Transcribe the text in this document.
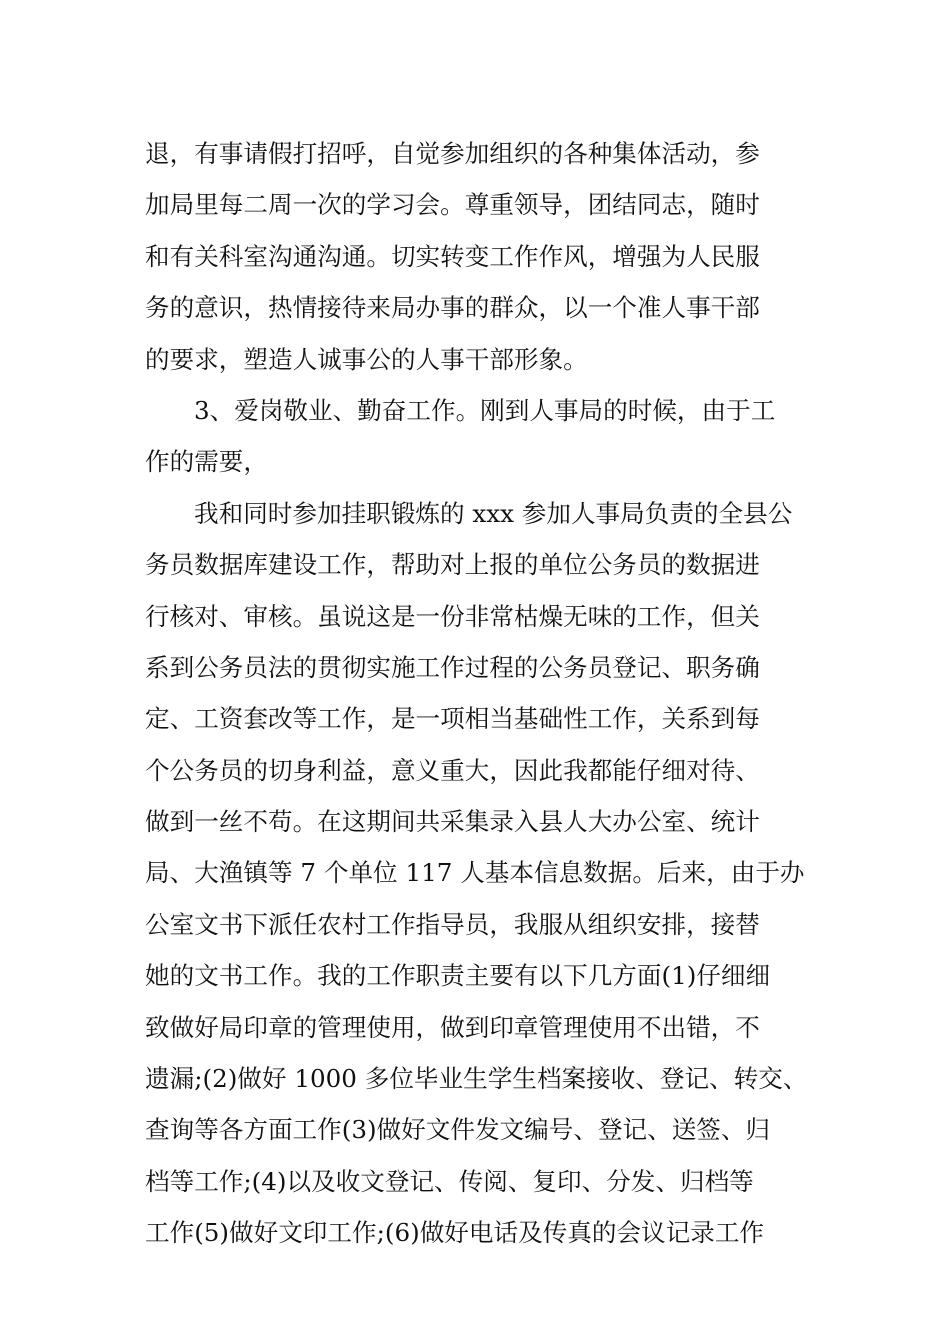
退，有事请假打招呼，自觉参加组织的各种集体活动，参
加局里每二周一次的学习会。尊重领导，团结同志，随时
和有关科室沟通沟通。切实转变工作作风，增强为人民服
务的意识，热情接待来局办事的群众，以一个准人事干部
的要求，塑造人诚事公的人事干部形象。
3、爱岗敬业、勤奋工作。刚到人事局的时候，由于工
作的需要，
我和同时参加挂职锻炼的 xxx 参加人事局负责的全县公
务员数据库建设工作，帮助对上报的单位公务员的数据进
行核对、审核。虽说这是一份非常枯燥无味的工作，但关
系到公务员法的贯彻实施工作过程的公务员登记、职务确
定、工资套改等工作，是一项相当基础性工作，关系到每
个公务员的切身利益，意义重大，因此我都能仔细对待、
做到一丝不苟。在这期间共采集录入县人大办公室、统计
局、大渔镇等 7 个单位 117 人基本信息数据。后来，由于办
公室文书下派任农村工作指导员，我服从组织安排，接替
她的文书工作。我的工作职责主要有以下几方面(1)仔细细
致做好局印章的管理使用，做到印章管理使用不出错，不
遗漏;(2)做好 1000 多位毕业生学生档案接收、登记、转交、
查询等各方面工作(3)做好文件发文编号、登记、送签、归
档等工作;(4)以及收文登记、传阅、复印、分发、归档等
工作(5)做好文印工作;(6)做好电话及传真的会议记录工作
